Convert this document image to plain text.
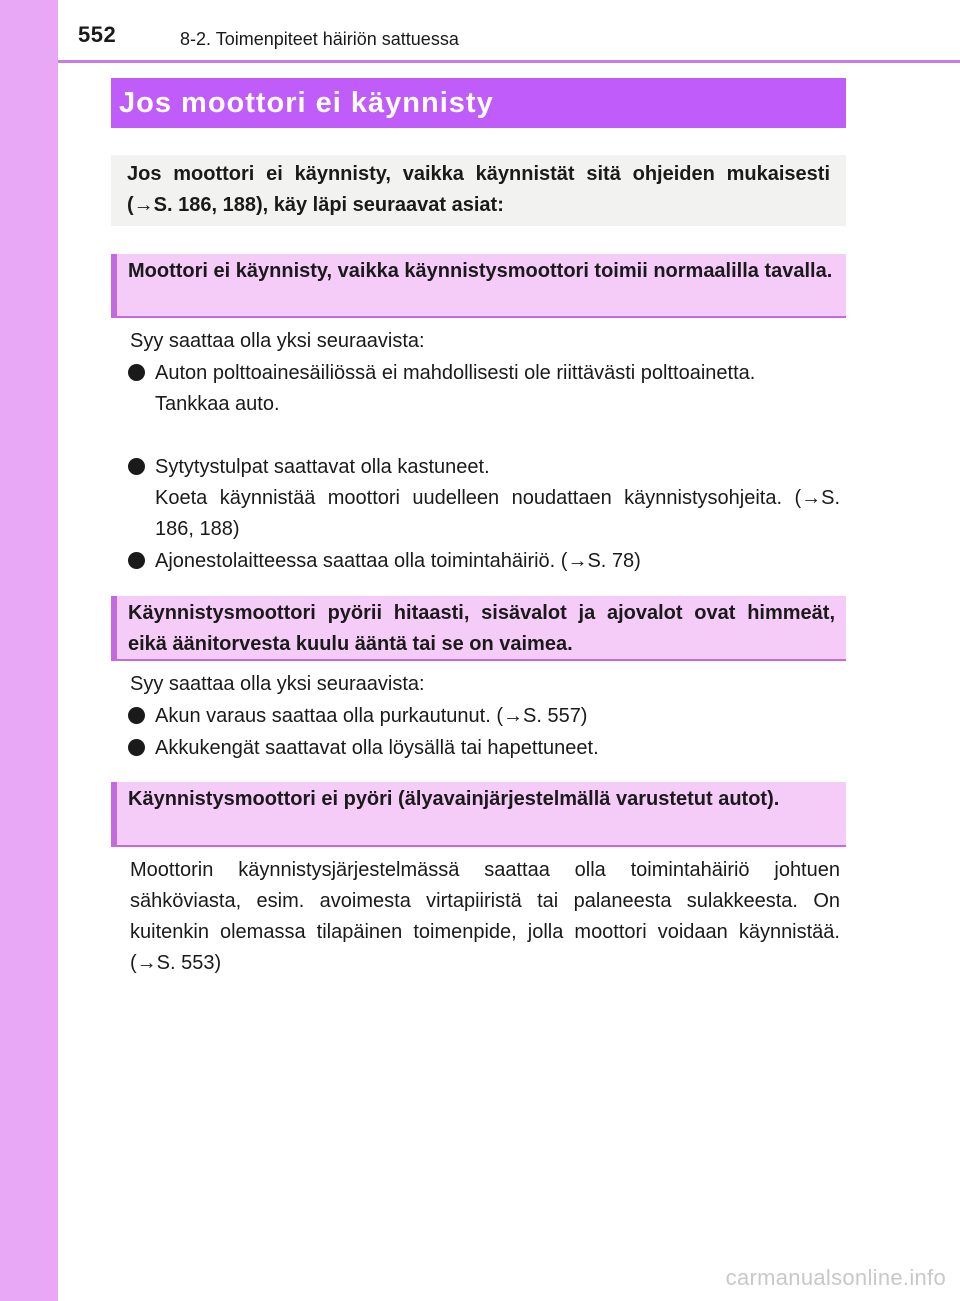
552	8-2. Toimenpiteet häiriön sattuessa
Jos moottori ei käynnisty
Jos moottori ei käynnisty, vaikka käynnistät sitä ohjeiden mukaisesti (→S. 186, 188), käy läpi seuraavat asiat:
Moottori ei käynnisty, vaikka käynnistysmoottori toimii normaalilla tavalla.
Syy saattaa olla yksi seuraavista:
Auton polttoainesäiliössä ei mahdollisesti ole riittävästi polttoainetta.
Tankkaa auto.
Sytytystulpat saattavat olla kastuneet.
Koeta käynnistää moottori uudelleen noudattaen käynnistysohjeita. (→S. 186, 188)
Ajonestolaitteessa saattaa olla toimintahäiriö. (→S. 78)
Käynnistysmoottori pyörii hitaasti, sisävalot ja ajovalot ovat himmeät, eikä äänitorvesta kuulu ääntä tai se on vaimea.
Syy saattaa olla yksi seuraavista:
Akun varaus saattaa olla purkautunut. (→S. 557)
Akkukengät saattavat olla löysällä tai hapettuneet.
Käynnistysmoottori ei pyöri (älyavainjärjestelmällä varustetut autot).
Moottorin käynnistysjärjestelmässä saattaa olla toimintahäiriö johtuen sähköviasta, esim. avoimesta virtapiiristä tai palaneesta sulakkeesta. On kuitenkin olemassa tilapäinen toimenpide, jolla moottori voidaan käynnistää. (→S. 553)
carmanualsonline.info
